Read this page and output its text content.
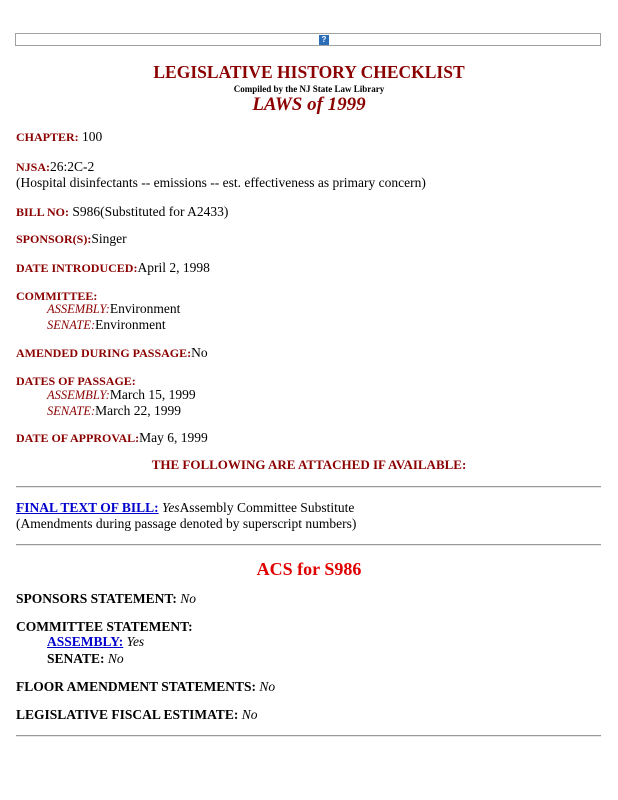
?
LEGISLATIVE HISTORY CHECKLIST
Compiled by the NJ State Law Library
LAWS of 1999
CHAPTER: 100
NJSA:26:2C-2
(Hospital disinfectants -- emissions -- est. effectiveness as primary concern)
BILL NO: S986(Substituted for A2433)
SPONSOR(S):Singer
DATE INTRODUCED:April 2, 1998
COMMITTEE:
ASSEMBLY:Environment
SENATE:Environment
AMENDED DURING PASSAGE:No
DATES OF PASSAGE:
ASSEMBLY:March 15, 1999
SENATE:March 22, 1999
DATE OF APPROVAL:May 6, 1999
THE FOLLOWING ARE ATTACHED IF AVAILABLE:
FINAL TEXT OF BILL: YesAssembly Committee Substitute
(Amendments during passage denoted by superscript numbers)
ACS for S986
SPONSORS STATEMENT: No
COMMITTEE STATEMENT:
ASSEMBLY: Yes
SENATE: No
FLOOR AMENDMENT STATEMENTS: No
LEGISLATIVE FISCAL ESTIMATE: No
